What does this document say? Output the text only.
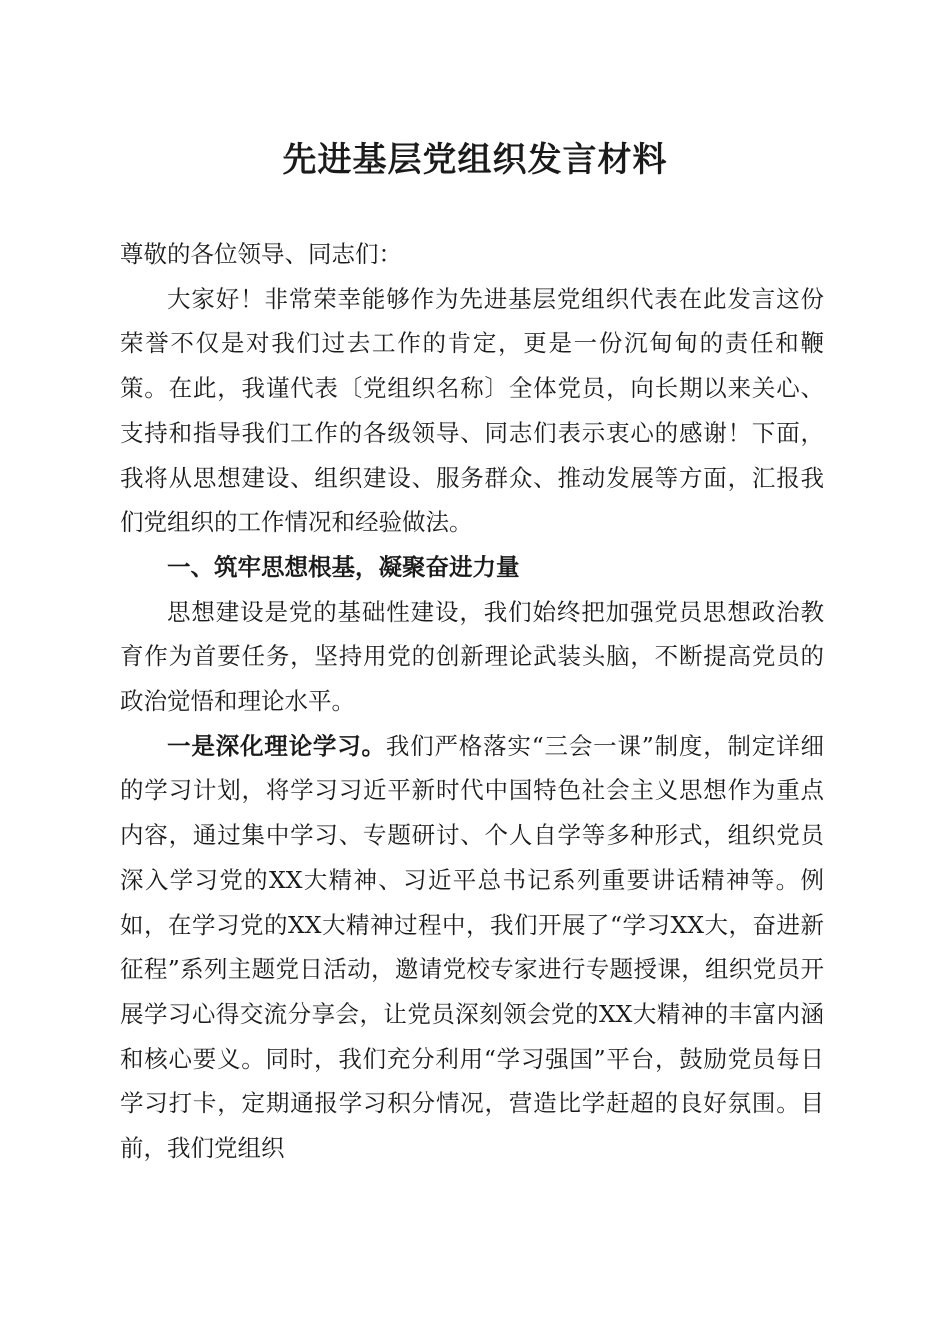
先进基层党组织发言材料

尊敬的各位领导、同志们：

大家好！非常荣幸能够作为先进基层党组织代表在此发言这份荣誉不仅是对我们过去工作的肯定，更是一份沉甸甸的责任和鞭策。在此，我谨代表〔党组织名称〕全体党员，向长期以来关心、支持和指导我们工作的各级领导、同志们表示衷心的感谢！下面，我将从思想建设、组织建设、服务群众、推动发展等方面，汇报我们党组织的工作情况和经验做法。

一、筑牢思想根基，凝聚奋进力量

思想建设是党的基础性建设，我们始终把加强党员思想政治教育作为首要任务，坚持用党的创新理论武装头脑，不断提高党员的政治觉悟和理论水平。

一是深化理论学习。我们严格落实“三会一课”制度，制定详细的学习计划，将学习习近平新时代中国特色社会主义思想作为重点内容，通过集中学习、专题研讨、个人自学等多种形式，组织党员深入学习党的XX大精神、习近平总书记系列重要讲话精神等。例如，在学习党的XX大精神过程中，我们开展了“学习XX大，奋进新征程”系列主题党日活动，邀请党校专家进行专题授课，组织党员开展学习心得交流分享会，让党员深刻领会党的XX大精神的丰富内涵和核心要义。同时，我们充分利用“学习强国”平台，鼓励党员每日学习打卡，定期通报学习积分情况，营造比学赶超的良好氛围。目前，我们党组织
